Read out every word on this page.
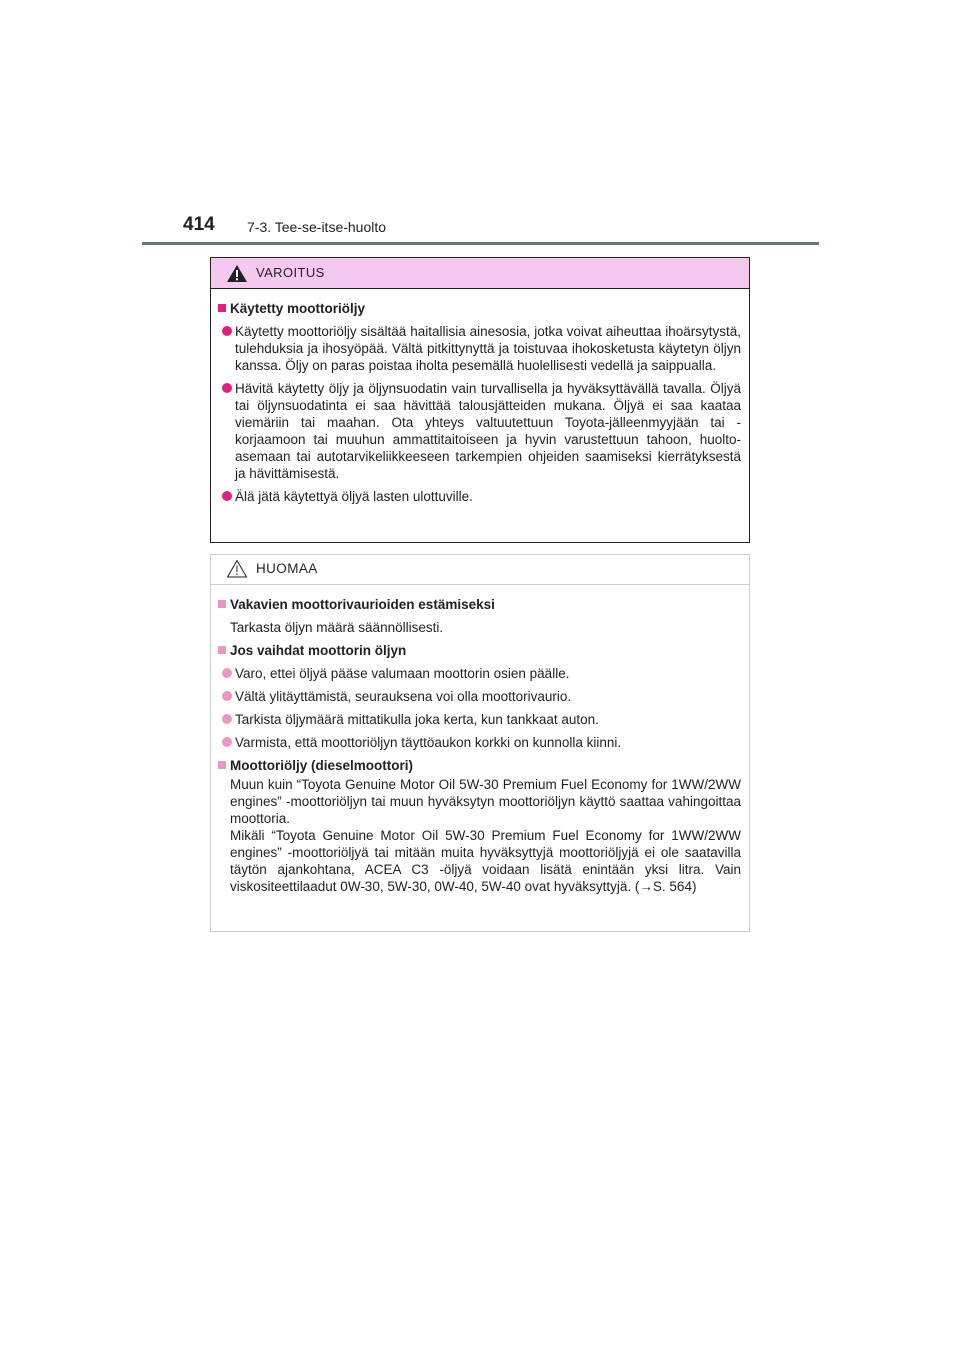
414 7-3. Tee-se-itse-huolto
VAROITUS
Käytetty moottoriöljy
Käytetty moottoriöljy sisältää haitallisia ainesosia, jotka voivat aiheuttaa ihoärsytystä, tulehduksia ja ihosyöpää. Vältä pitkittynyttä ja toistuvaa ihokosketusta käytetyn öljyn kanssa. Öljy on paras poistaa iholta pesemällä huolellisesti vedellä ja saippualla.
Hävitä käytetty öljy ja öljynsuodatin vain turvallisella ja hyväksyttävällä tavalla. Öljyä tai öljynsuodatinta ei saa hävittää talousjätteiden mukana. Öljyä ei saa kaataa viemäriin tai maahan. Ota yhteys valtuutettuun Toyota-jälleenmyyjään tai -korjaamoon tai muuhun ammattitaitoiseen ja hyvin varustettuun tahoon, huolto-asemaan tai autotarvikeliikkeeseen tarkempien ohjeiden saamiseksi kierrätyksestä ja hävittämisestä.
Älä jätä käytettyä öljyä lasten ulottuville.
HUOMAA
Vakavien moottorivaurioiden estämiseksi
Tarkasta öljyn määrä säännöllisesti.
Jos vaihdat moottorin öljyn
Varo, ettei öljyä pääse valumaan moottorin osien päälle.
Vältä ylitäyttämistä, seurauksena voi olla moottorivaurio.
Tarkista öljymäärä mittatikulla joka kerta, kun tankkaat auton.
Varmista, että moottoriöljyn täyttöaukon korkki on kunnolla kiinni.
Moottoriöljy (dieselmoottori)
Muun kuin “Toyota Genuine Motor Oil 5W-30 Premium Fuel Economy for 1WW/2WW engines” -moottoriöljyn tai muun hyväksytyn moottoriöljyn käyttö saattaa vahingoittaa moottoria.
Mikäli “Toyota Genuine Motor Oil 5W-30 Premium Fuel Economy for 1WW/2WW engines” -moottoriöljyä tai mitään muita hyväksyttyjä moottoriöljyjä ei ole saatavilla täytön ajankohtana, ACEA C3 -öljyä voidaan lisätä enintään yksi litra. Vain viskositeettilaadut 0W-30, 5W-30, 0W-40, 5W-40 ovat hyväksyttyjä. (→S. 564)
